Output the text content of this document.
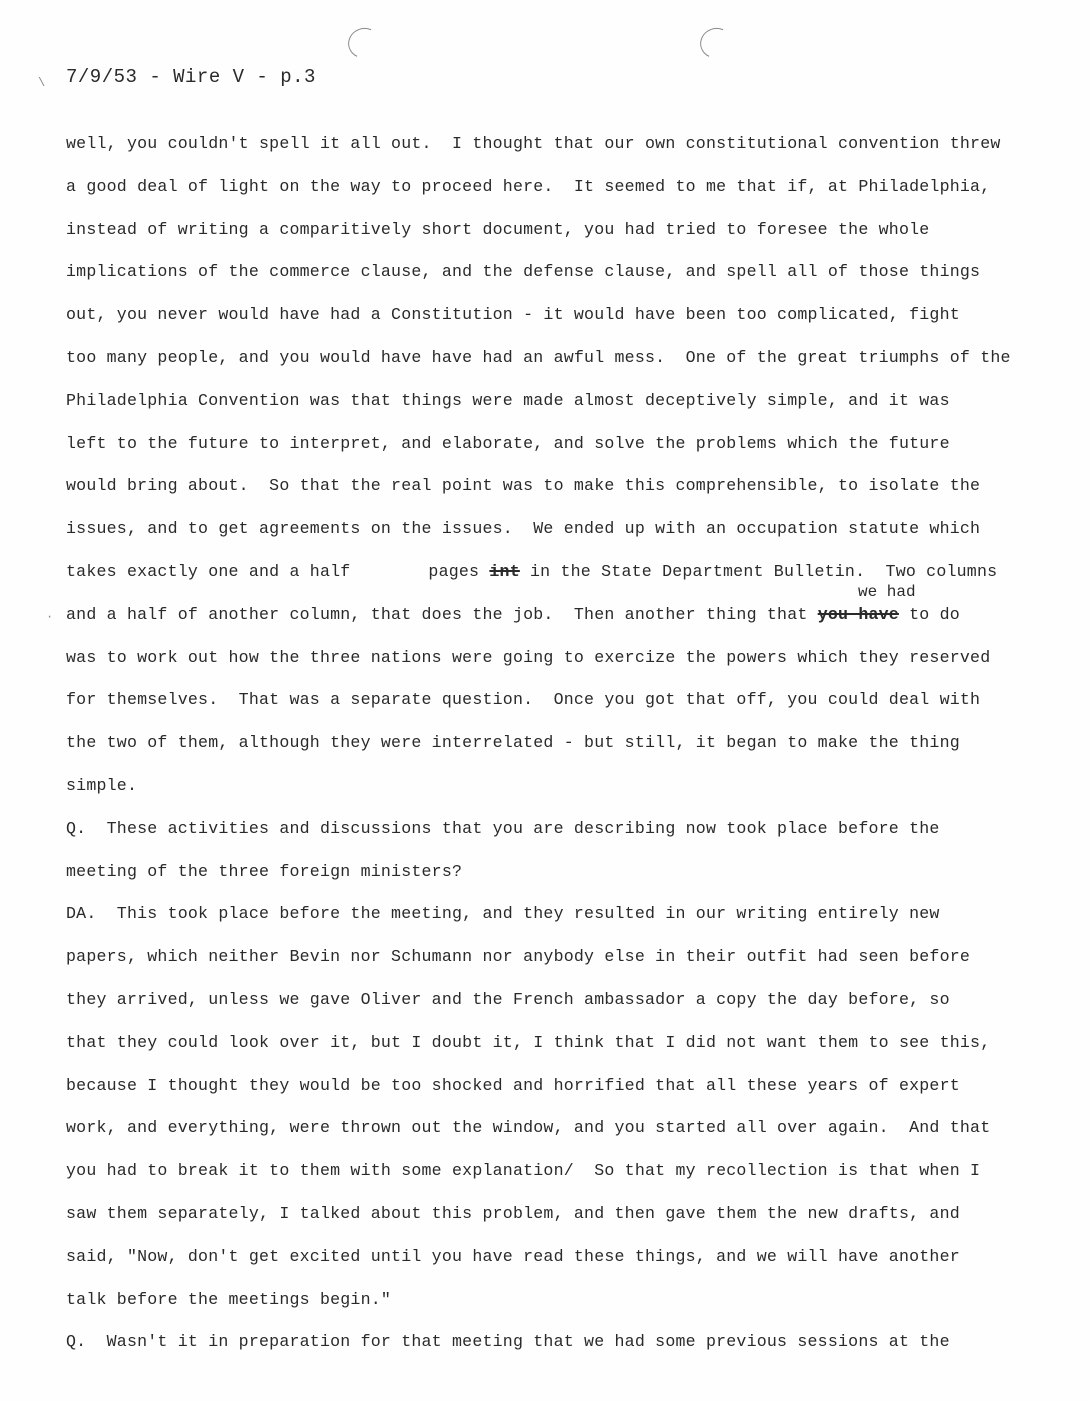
\ 7/9/53 - Wire V - p.3
we had
·
well, you couldn't spell it all out.  I thought that our own constitutional convention threw
a good deal of light on the way to proceed here.  It seemed to me that if, at Philadelphia,
instead of writing a comparitively short document, you had tried to foresee the whole
implications of the commerce clause, and the defense clause, and spell all of those things
out, you never would have had a Constitution - it would have been too complicated, fight
too many people, and you would have have had an awful mess.  One of the great triumphs of the
Philadelphia Convention was that things were made almost deceptively simple, and it was
left to the future to interpret, and elaborate, and solve the problems which the future
would bring about.  So that the real point was to make this comprehensible, to isolate the
issues, and to get agreements on the issues.  We ended up with an occupation statute which
takes exactly one and a half	pages int in the State Department Bulletin.  Two columns
and a half of another column, that does the job.  Then another thing that you have to do
was to work out how the three nations were going to exercize the powers which they reserved
for themselves.  That was a separate question.  Once you got that off, you could deal with
the two of them, although they were interrelated - but still, it began to make the thing
simple.
Q.  These activities and discussions that you are describing now took place before the
meeting of the three foreign ministers?
DA.  This took place before the meeting, and they resulted in our writing entirely new
papers, which neither Bevin nor Schumann nor anybody else in their outfit had seen before
they arrived, unless we gave Oliver and the French ambassador a copy the day before, so
that they could look over it, but I doubt it, I think that I did not want them to see this,
because I thought they would be too shocked and horrified that all these years of expert
work, and everything, were thrown out the window, and you started all over again.  And that
you had to break it to them with some explanation/  So that my recollection is that when I
saw them separately, I talked about this problem, and then gave them the new drafts, and
said, "Now, don't get excited until you have read these things, and we will have another
talk before the meetings begin."
Q.  Wasn't it in preparation for that meeting that we had some previous sessions at the
